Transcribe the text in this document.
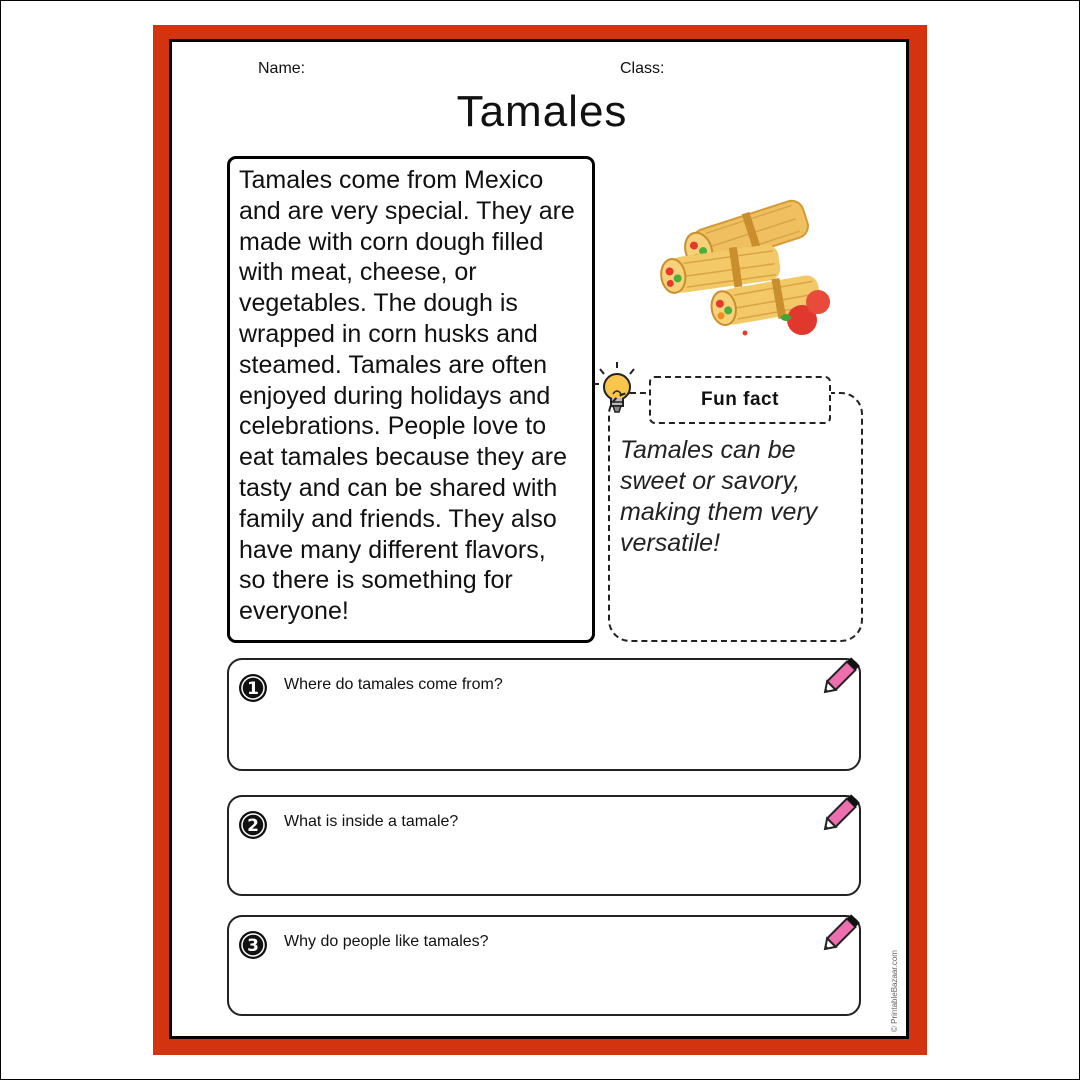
Name:	Class:
Tamales
Tamales come from Mexico
and are very special. They are
made with corn dough filled
with meat, cheese, or
vegetables. The dough is
wrapped in corn husks and
steamed. Tamales are often
enjoyed during holidays and
celebrations. People love to
eat tamales because they are
tasty and can be shared with
family and friends. They also
have many different flavors,
so there is something for
everyone!
Fun fact
Tamales can be
sweet or savory,
making them very
versatile!
1 Where do tamales come from?
2 What is inside a tamale?
3 Why do people like tamales?
© PrintableBazaar.com
